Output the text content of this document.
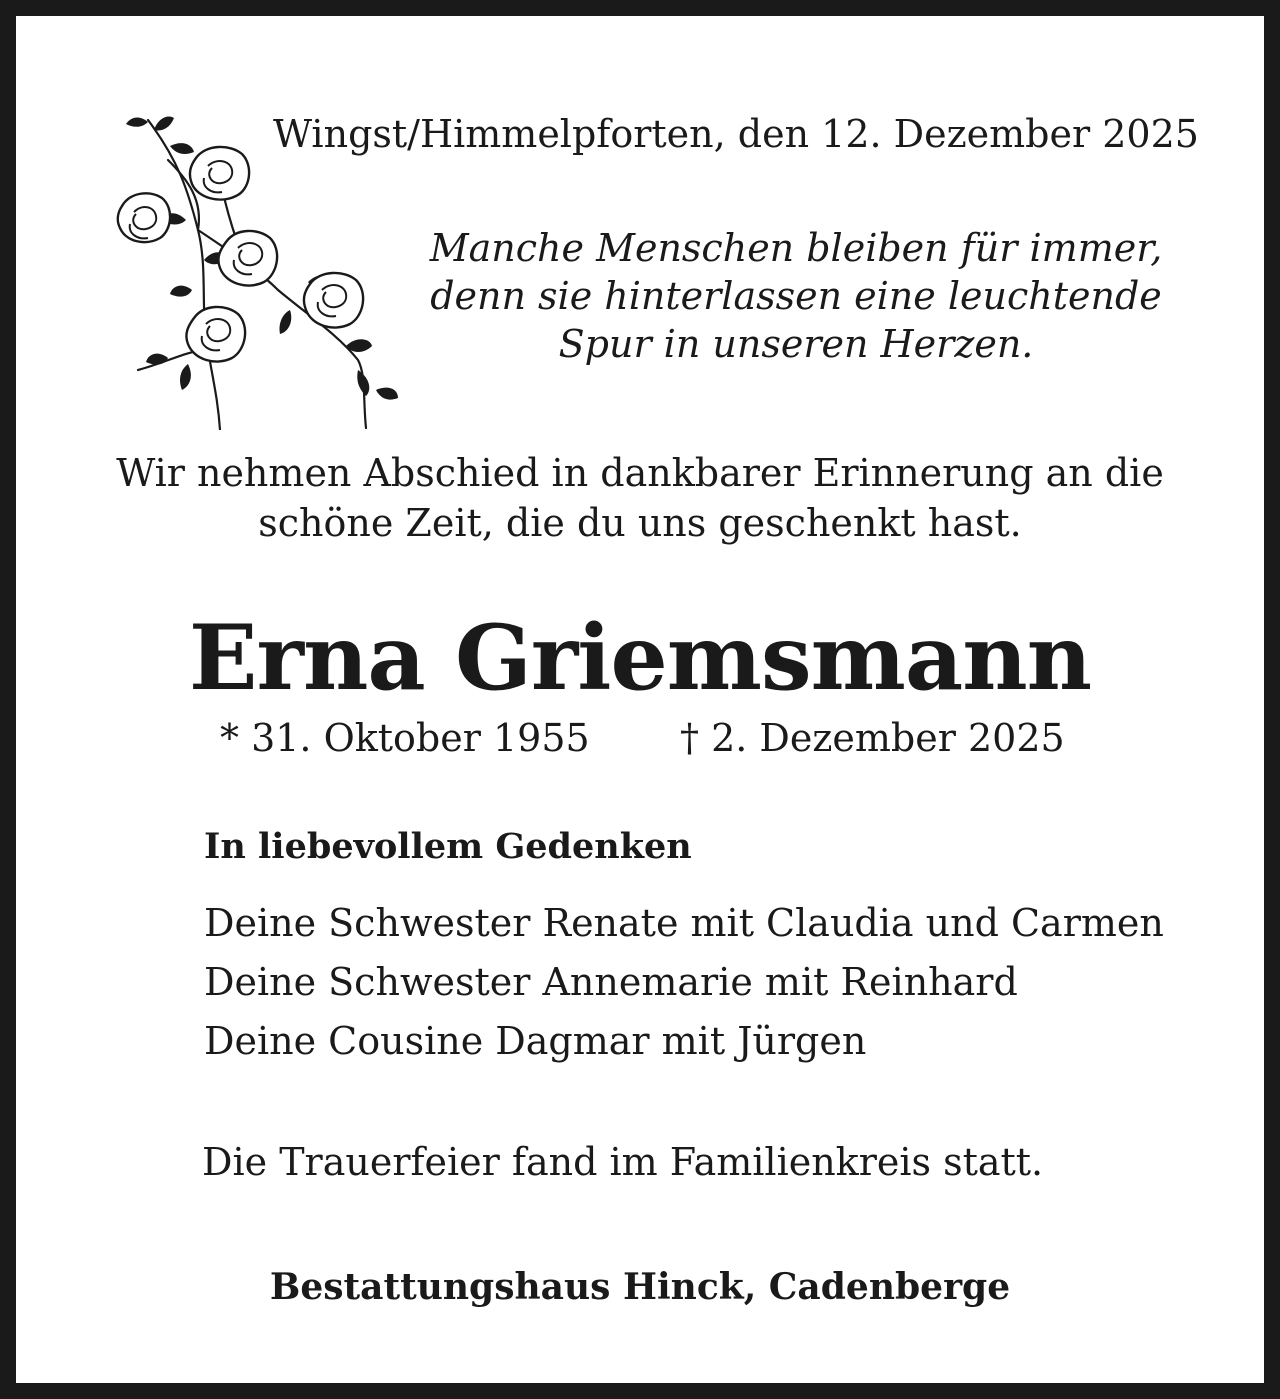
Wingst/Himmelpforten, den 12. Dezember 2025
Manche Menschen bleiben für immer,
denn sie hinterlassen eine leuchtende
Spur in unseren Herzen.
Wir nehmen Abschied in dankbarer Erinnerung an die
schöne Zeit, die du uns geschenkt hast.
Erna Griemsmann
* 31. Oktober 1955 † 2. Dezember 2025
In liebevollem Gedenken
Deine Schwester Renate mit Claudia und Carmen
Deine Schwester Annemarie mit Reinhard
Deine Cousine Dagmar mit Jürgen
Die Trauerfeier fand im Familienkreis statt.
Bestattungshaus Hinck, Cadenberge
